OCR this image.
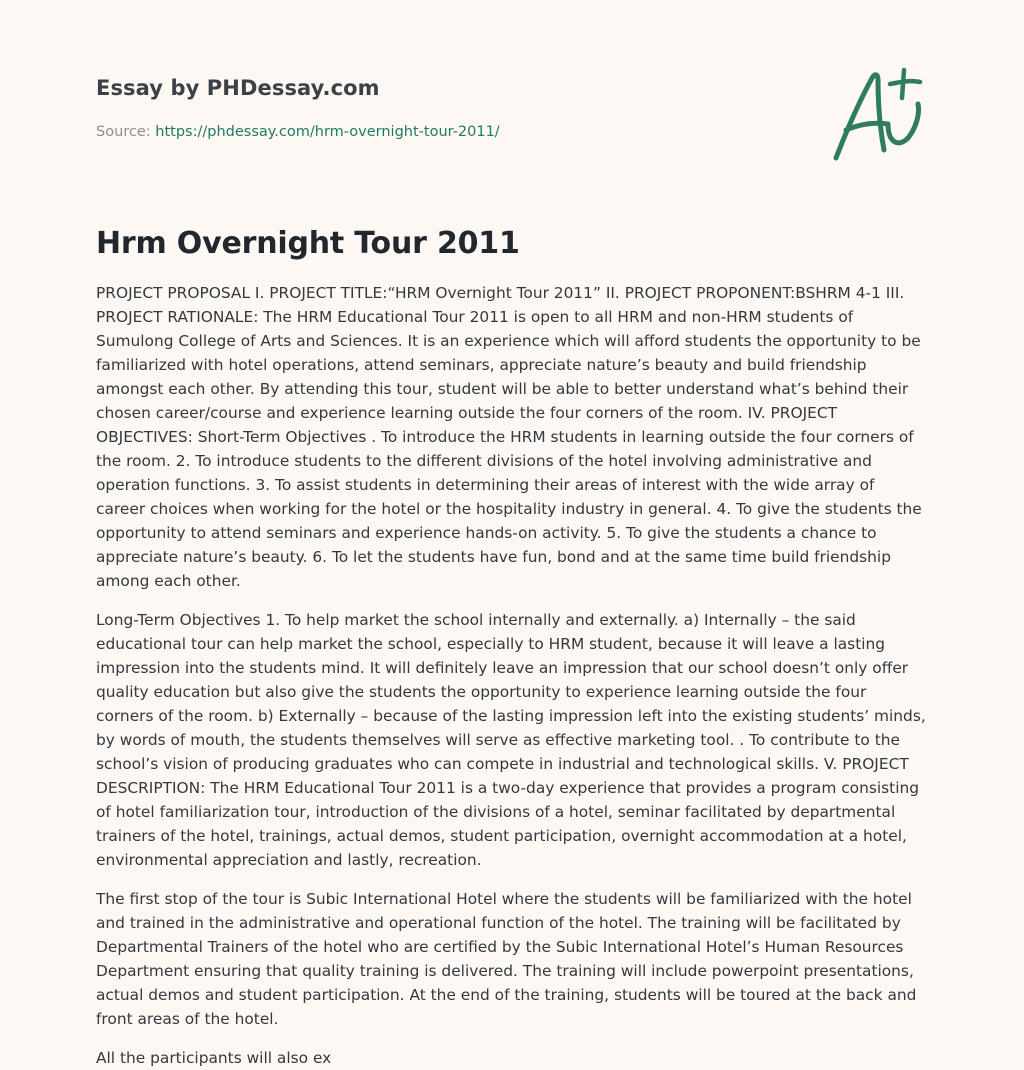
Essay by PHDessay.com

Source: https://phdessay.com/hrm-overnight-tour-2011/

Hrm Overnight Tour 2011

PROJECT PROPOSAL I. PROJECT TITLE:“HRM Overnight Tour 2011” II. PROJECT PROPONENT:BSHRM 4-1 III. PROJECT RATIONALE: The HRM Educational Tour 2011 is open to all HRM and non-HRM students of Sumulong College of Arts and Sciences. It is an experience which will afford students the opportunity to be familiarized with hotel operations, attend seminars, appreciate nature’s beauty and build friendship amongst each other. By attending this tour, student will be able to better understand what’s behind their chosen career/course and experience learning outside the four corners of the room. IV. PROJECT OBJECTIVES: Short-Term Objectives . To introduce the HRM students in learning outside the four corners of the room. 2. To introduce students to the different divisions of the hotel involving administrative and operation functions. 3. To assist students in determining their areas of interest with the wide array of career choices when working for the hotel or the hospitality industry in general. 4. To give the students the opportunity to attend seminars and experience hands-on activity. 5. To give the students a chance to appreciate nature’s beauty. 6. To let the students have fun, bond and at the same time build friendship among each other.

Long-Term Objectives 1. To help market the school internally and externally. a) Internally – the said educational tour can help market the school, especially to HRM student, because it will leave a lasting impression into the students mind. It will definitely leave an impression that our school doesn’t only offer quality education but also give the students the opportunity to experience learning outside the four corners of the room. b) Externally – because of the lasting impression left into the existing students’ minds, by words of mouth, the students themselves will serve as effective marketing tool. . To contribute to the school’s vision of producing graduates who can compete in industrial and technological skills. V. PROJECT DESCRIPTION: The HRM Educational Tour 2011 is a two-day experience that provides a program consisting of hotel familiarization tour, introduction of the divisions of a hotel, seminar facilitated by departmental trainers of the hotel, trainings, actual demos, student participation, overnight accommodation at a hotel, environmental appreciation and lastly, recreation.

The first stop of the tour is Subic International Hotel where the students will be familiarized with the hotel and trained in the administrative and operational function of the hotel. The training will be facilitated by Departmental Trainers of the hotel who are certified by the Subic International Hotel’s Human Resources Department ensuring that quality training is delivered. The training will include powerpoint presentations, actual demos and student participation. At the end of the training, students will be toured at the back and front areas of the hotel.

All the participants will also ex
